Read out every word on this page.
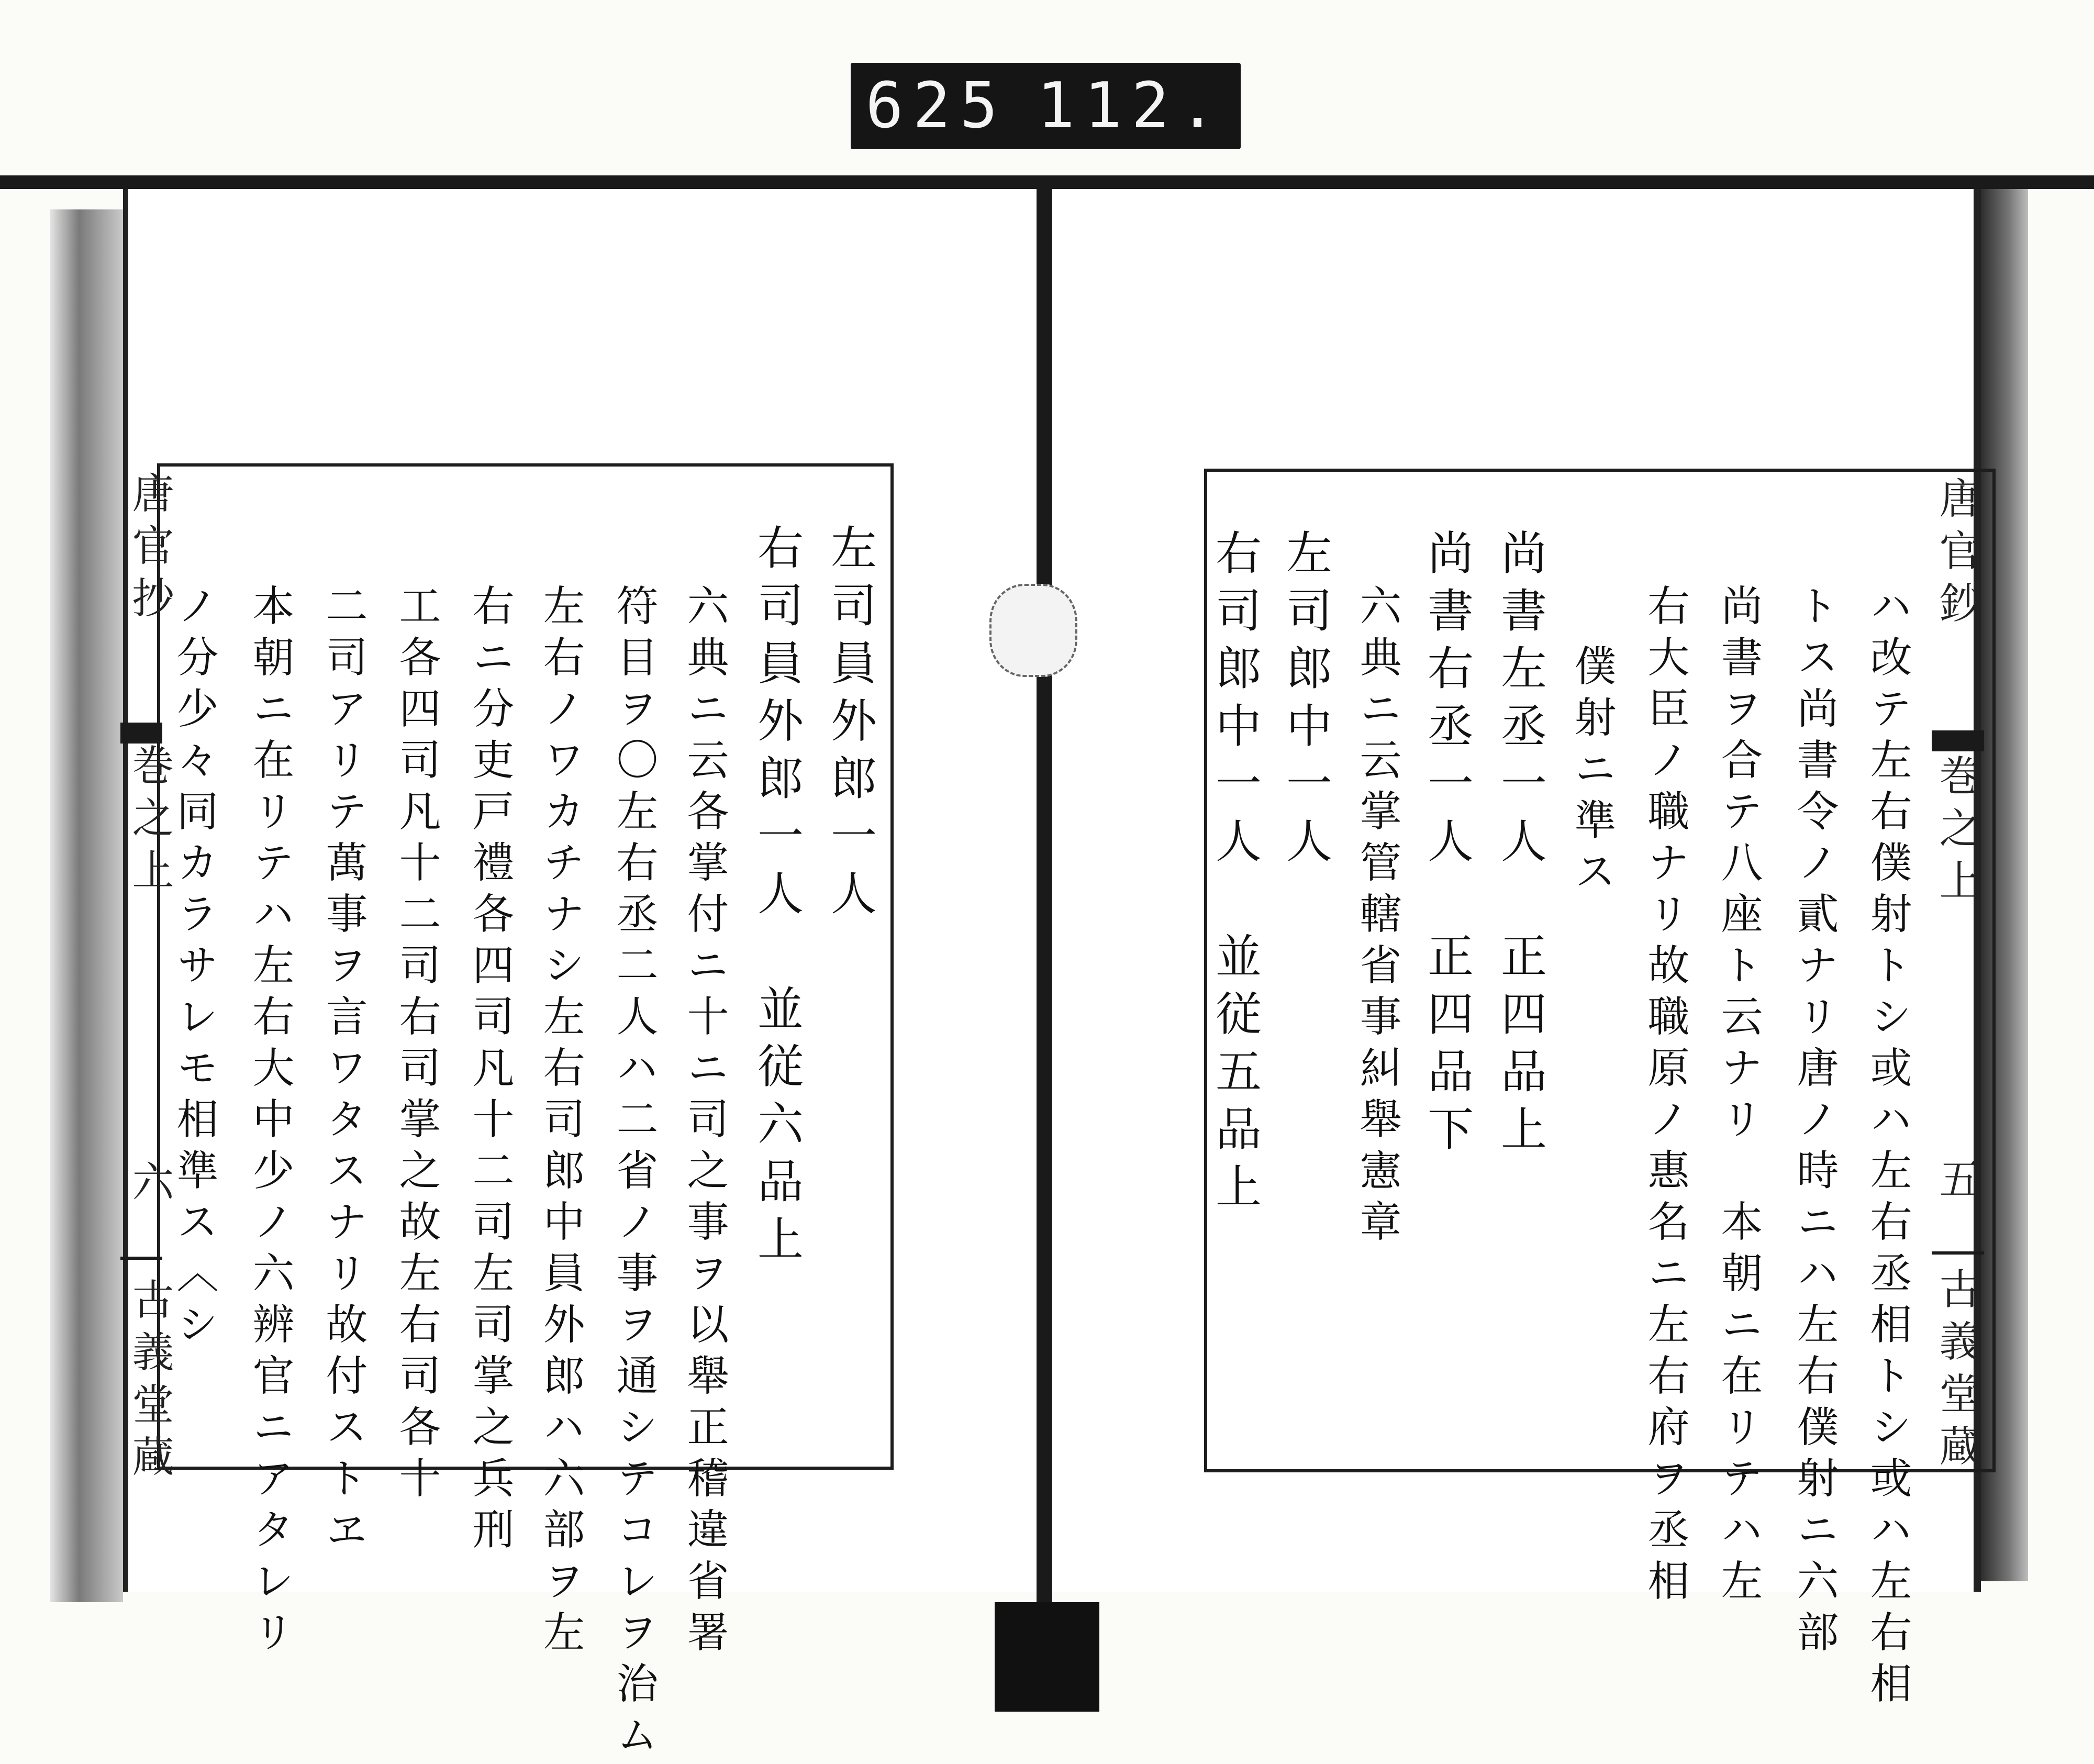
625 112.
唐官抄
巻之上
六
古義堂蔵
左司員外郎一人
右司員外郎一人　並従六品上
六典ニ云各掌付ニ十ニ司之事ヲ以舉正稽違省署
符目ヲ〇左右丞二人ハ二省ノ事ヲ通シテコレヲ治ム
左右ノワカチナシ左右司郎中員外郎ハ六部ヲ左
右ニ分吏戸禮各四司凡十二司左司掌之兵刑
工各四司凡十二司右司掌之故左右司各十
二司アリテ萬事ヲ言ワタスナリ故付ストヱ
本朝ニ在リテハ左右大中少ノ六辨官ニアタレリ
ノ分少々同カラサレモ相準ス〈シ
唐官鈔
巻之上
五
古義堂蔵
ハ改テ左右僕射トシ或ハ左右丞相トシ或ハ左右相
トス尚書令ノ貳ナリ唐ノ時ニハ左右僕射ニ六部
尚書ヲ合テ八座ト云ナリ　本朝ニ在リテハ左
右大臣ノ職ナリ故職原ノ惠名ニ左右府ヲ丞相
僕射ニ準ス
尚書左丞一人　正四品上
尚書右丞一人　正四品下
六典ニ云掌管轄省事糾舉憲章
左司郎中一人
右司郎中一人　並従五品上
